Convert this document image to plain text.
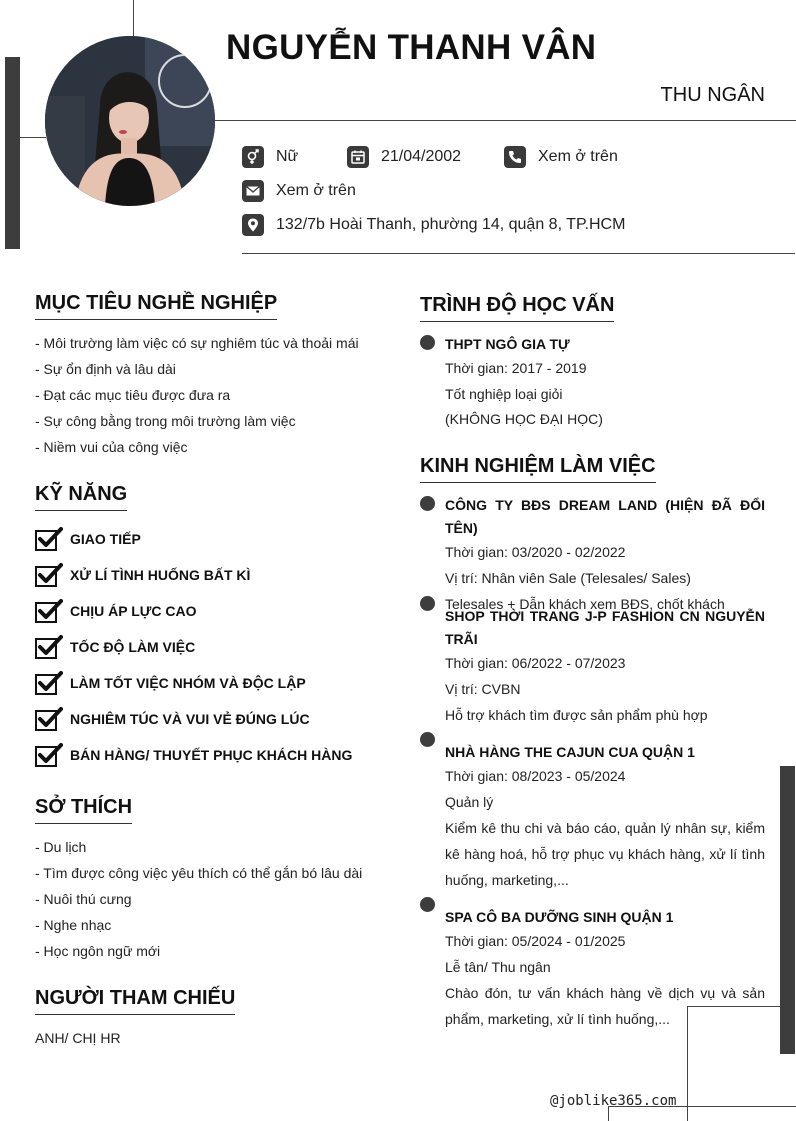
NGUYỄN THANH VÂN
THU NGÂN
Nữ	21/04/2002	Xem ở trên
Xem ở trên
132/7b Hoài Thanh, phường 14, quận 8, TP.HCM
MỤC TIÊU NGHỀ NGHIỆP
- Môi trường làm việc có sự nghiêm túc và thoải mái
- Sự ổn định và lâu dài
- Đạt các mục tiêu được đưa ra
- Sự công bằng trong môi trường làm việc
- Niềm vui của công việc
KỸ NĂNG
GIAO TIẾP
XỬ LÍ TÌNH HUỐNG BẤT KÌ
CHỊU ÁP LỰC CAO
TỐC ĐỘ LÀM VIỆC
LÀM TỐT VIỆC NHÓM VÀ ĐỘC LẬP
NGHIÊM TÚC VÀ VUI VẺ ĐÚNG LÚC
BÁN HÀNG/ THUYẾT PHỤC KHÁCH HÀNG
SỞ THÍCH
- Du lịch
- Tìm được công việc yêu thích có thể gắn bó lâu dài
- Nuôi thú cưng
- Nghe nhạc
- Học ngôn ngữ mới
NGƯỜI THAM CHIẾU
ANH/ CHỊ HR
TRÌNH ĐỘ HỌC VẤN
THPT NGÔ GIA TỰ
Thời gian: 2017 - 2019
Tốt nghiệp loại giỏi
(KHÔNG HỌC ĐẠI HỌC)
KINH NGHIỆM LÀM VIỆC
CÔNG TY BĐS DREAM LAND (HIỆN ĐÃ ĐỔI TÊN)
Thời gian: 03/2020 - 02/2022
Vị trí: Nhân viên Sale (Telesales/ Sales)
Telesales + Dẫn khách xem BĐS, chốt khách
SHOP THỜI TRANG J-P FASHION CN NGUYỄN TRÃI
Thời gian: 06/2022 - 07/2023
Vị trí: CVBN
Hỗ trợ khách tìm được sản phẩm phù hợp
NHÀ HÀNG THE CAJUN CUA QUẬN 1
Thời gian: 08/2023 - 05/2024
Quản lý
Kiểm kê thu chi và báo cáo, quản lý nhân sự, kiểm kê hàng hoá, hỗ trợ phục vụ khách hàng, xử lí tình huống, marketing,...
SPA CÔ BA DƯỠNG SINH QUẬN 1
Thời gian: 05/2024 - 01/2025
Lễ tân/ Thu ngân
Chào đón, tư vấn khách hàng về dịch vụ và sản phẩm, marketing, xử lí tình huống,...
@joblike365.com
